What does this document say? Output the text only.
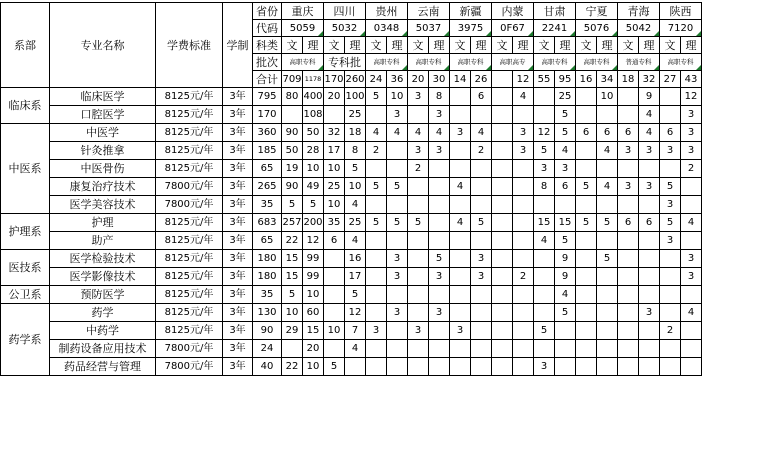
系部	专业名称	学费标准	学制	省份	重庆		四川		贵州		云南		新疆		内蒙		甘肃		宁夏		青海		陕西	
				代码	5059		5032		0348		5037		3975		0F67		2241		5076		5042		7120	
				科类	文	理	文	理	文	理	文	理	文	理	文	理	文	理	文	理	文	理	文	理
				批次	高职专科		专科批		高职专科		高职专科		高职专科		高职高专		高职专科		高职专科		普通专科		高职专科	
				合计	709	1178	170	260	24	36	20	30	14	26		12	55	95	16	34	18	32	27	43
临床系	临床医学	8125元/年	3年	795	80	400	20	100	5	10	3	8		6		4		25		10		9		12
	口腔医学	8125元/年	3年	170		108		25		3		3						5				4		3
中医系	中医学	8125元/年	3年	360	90	50	32	18	4	4	4	4	3	4		3	12	5	6	6	6	4	6	3
	针灸推拿	8125元/年	3年	185	50	28	17	8	2		3	3		2		3	5	4		4	3	3	3	3
	中医骨伤	8125元/年	3年	65	19	10	10	5			2						3	3						2
	康复治疗技术	7800元/年	3年	265	90	49	25	10	5	5			4				8	6	5	4	3	3	5	
	医学美容技术	7800元/年	3年	35	5	5	10	4															3	
护理系	护理	8125元/年	3年	683	257	200	35	25	5	5	5		4	5			15	15	5	5	6	6	5	4
	助产	8125元/年	3年	65	22	12	6	4									4	5					3	
医技系	医学检验技术	8125元/年	3年	180	15	99		16		3		5		3				9		5				3
	医学影像技术	8125元/年	3年	180	15	99		17		3		3		3		2		9						3
公卫系	预防医学	8125元/年	3年	35	5	10		5										4						
药学系	药学	8125元/年	3年	130	10	60		12		3		3						5				3		4
	中药学	8125元/年	3年	90	29	15	10	7	3		3		3				5						2	
	制药设备应用技术	7800元/年	3年	24		20		4																
	药品经营与管理	7800元/年	3年	40	22	10	5										3							
